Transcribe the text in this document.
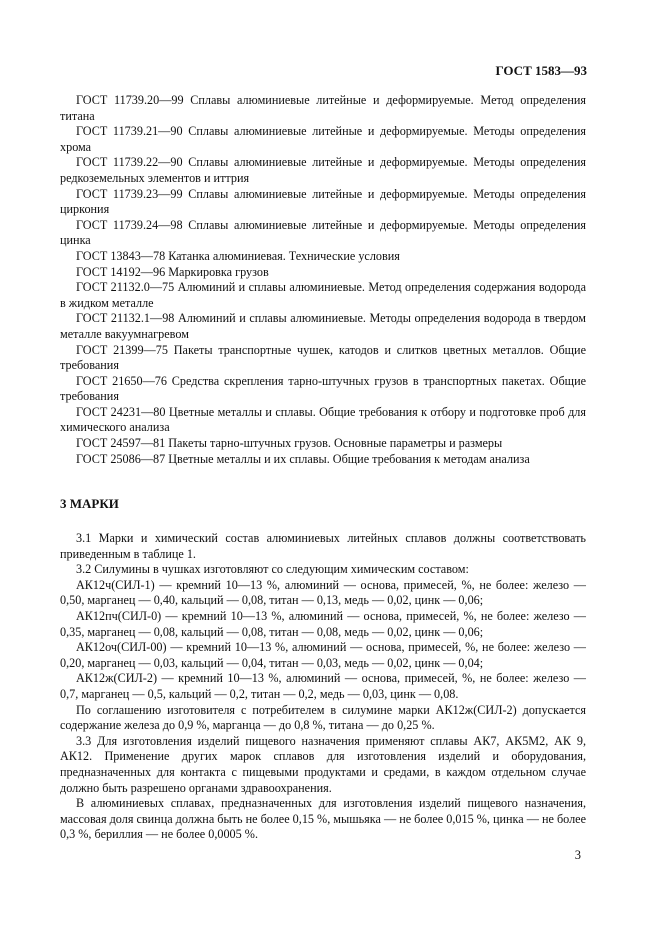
ГОСТ 1583—93

ГОСТ 11739.20—99 Сплавы алюминиевые литейные и деформируемые. Метод определения титана

ГОСТ 11739.21—90 Сплавы алюминиевые литейные и деформируемые. Методы определения хрома

ГОСТ 11739.22—90 Сплавы алюминиевые литейные и деформируемые. Методы определения редкоземельных элементов и иттрия

ГОСТ 11739.23—99 Сплавы алюминиевые литейные и деформируемые. Методы определения циркония

ГОСТ 11739.24—98 Сплавы алюминиевые литейные и деформируемые. Методы определения цинка

ГОСТ 13843—78 Катанка алюминиевая. Технические условия

ГОСТ 14192—96 Маркировка грузов

ГОСТ 21132.0—75 Алюминий и сплавы алюминиевые. Метод определения содержания водорода в жидком металле

ГОСТ 21132.1—98 Алюминий и сплавы алюминиевые. Методы определения водорода в твердом металле вакуумнагревом

ГОСТ 21399—75 Пакеты транспортные чушек, катодов и слитков цветных металлов. Общие требования

ГОСТ 21650—76 Средства скрепления тарно-штучных грузов в транспортных пакетах. Общие требования

ГОСТ 24231—80 Цветные металлы и сплавы. Общие требования к отбору и подготовке проб для химического анализа

ГОСТ 24597—81 Пакеты тарно-штучных грузов. Основные параметры и размеры

ГОСТ 25086—87 Цветные металлы и их сплавы. Общие требования к методам анализа

3 МАРКИ

3.1 Марки и химический состав алюминиевых литейных сплавов должны соответствовать приведенным в таблице 1.

3.2 Силумины в чушках изготовляют со следующим химическим составом:

АК12ч(СИЛ-1) — кремний 10—13 %, алюминий — основа, примесей, %, не более: железо — 0,50, марганец — 0,40, кальций — 0,08, титан — 0,13, медь — 0,02, цинк — 0,06;

АК12пч(СИЛ-0) — кремний 10—13 %, алюминий — основа, примесей, %, не более: железо — 0,35, марганец — 0,08, кальций — 0,08, титан — 0,08, медь — 0,02, цинк — 0,06;

АК12оч(СИЛ-00) — кремний 10—13 %, алюминий — основа, примесей, %, не более: железо — 0,20, марганец — 0,03, кальций — 0,04, титан — 0,03, медь — 0,02, цинк — 0,04;

АК12ж(СИЛ-2) — кремний 10—13 %, алюминий — основа, примесей, %, не более: железо — 0,7, марганец — 0,5, кальций — 0,2, титан — 0,2, медь — 0,03, цинк — 0,08.

По соглашению изготовителя с потребителем в силумине марки АК12ж(СИЛ-2) допускается содержание железа до 0,9 %, марганца — до 0,8 %, титана — до 0,25 %.

3.3 Для изготовления изделий пищевого назначения применяют сплавы АК7, АК5М2, АК 9, АК12. Применение других марок сплавов для изготовления изделий и оборудования, предназначенных для контакта с пищевыми продуктами и средами, в каждом отдельном случае должно быть разрешено органами здравоохранения.

В алюминиевых сплавах, предназначенных для изготовления изделий пищевого назначения, массовая доля свинца должна быть не более 0,15 %, мышьяка — не более 0,015 %, цинка — не более 0,3 %, бериллия — не более 0,0005 %.

3
